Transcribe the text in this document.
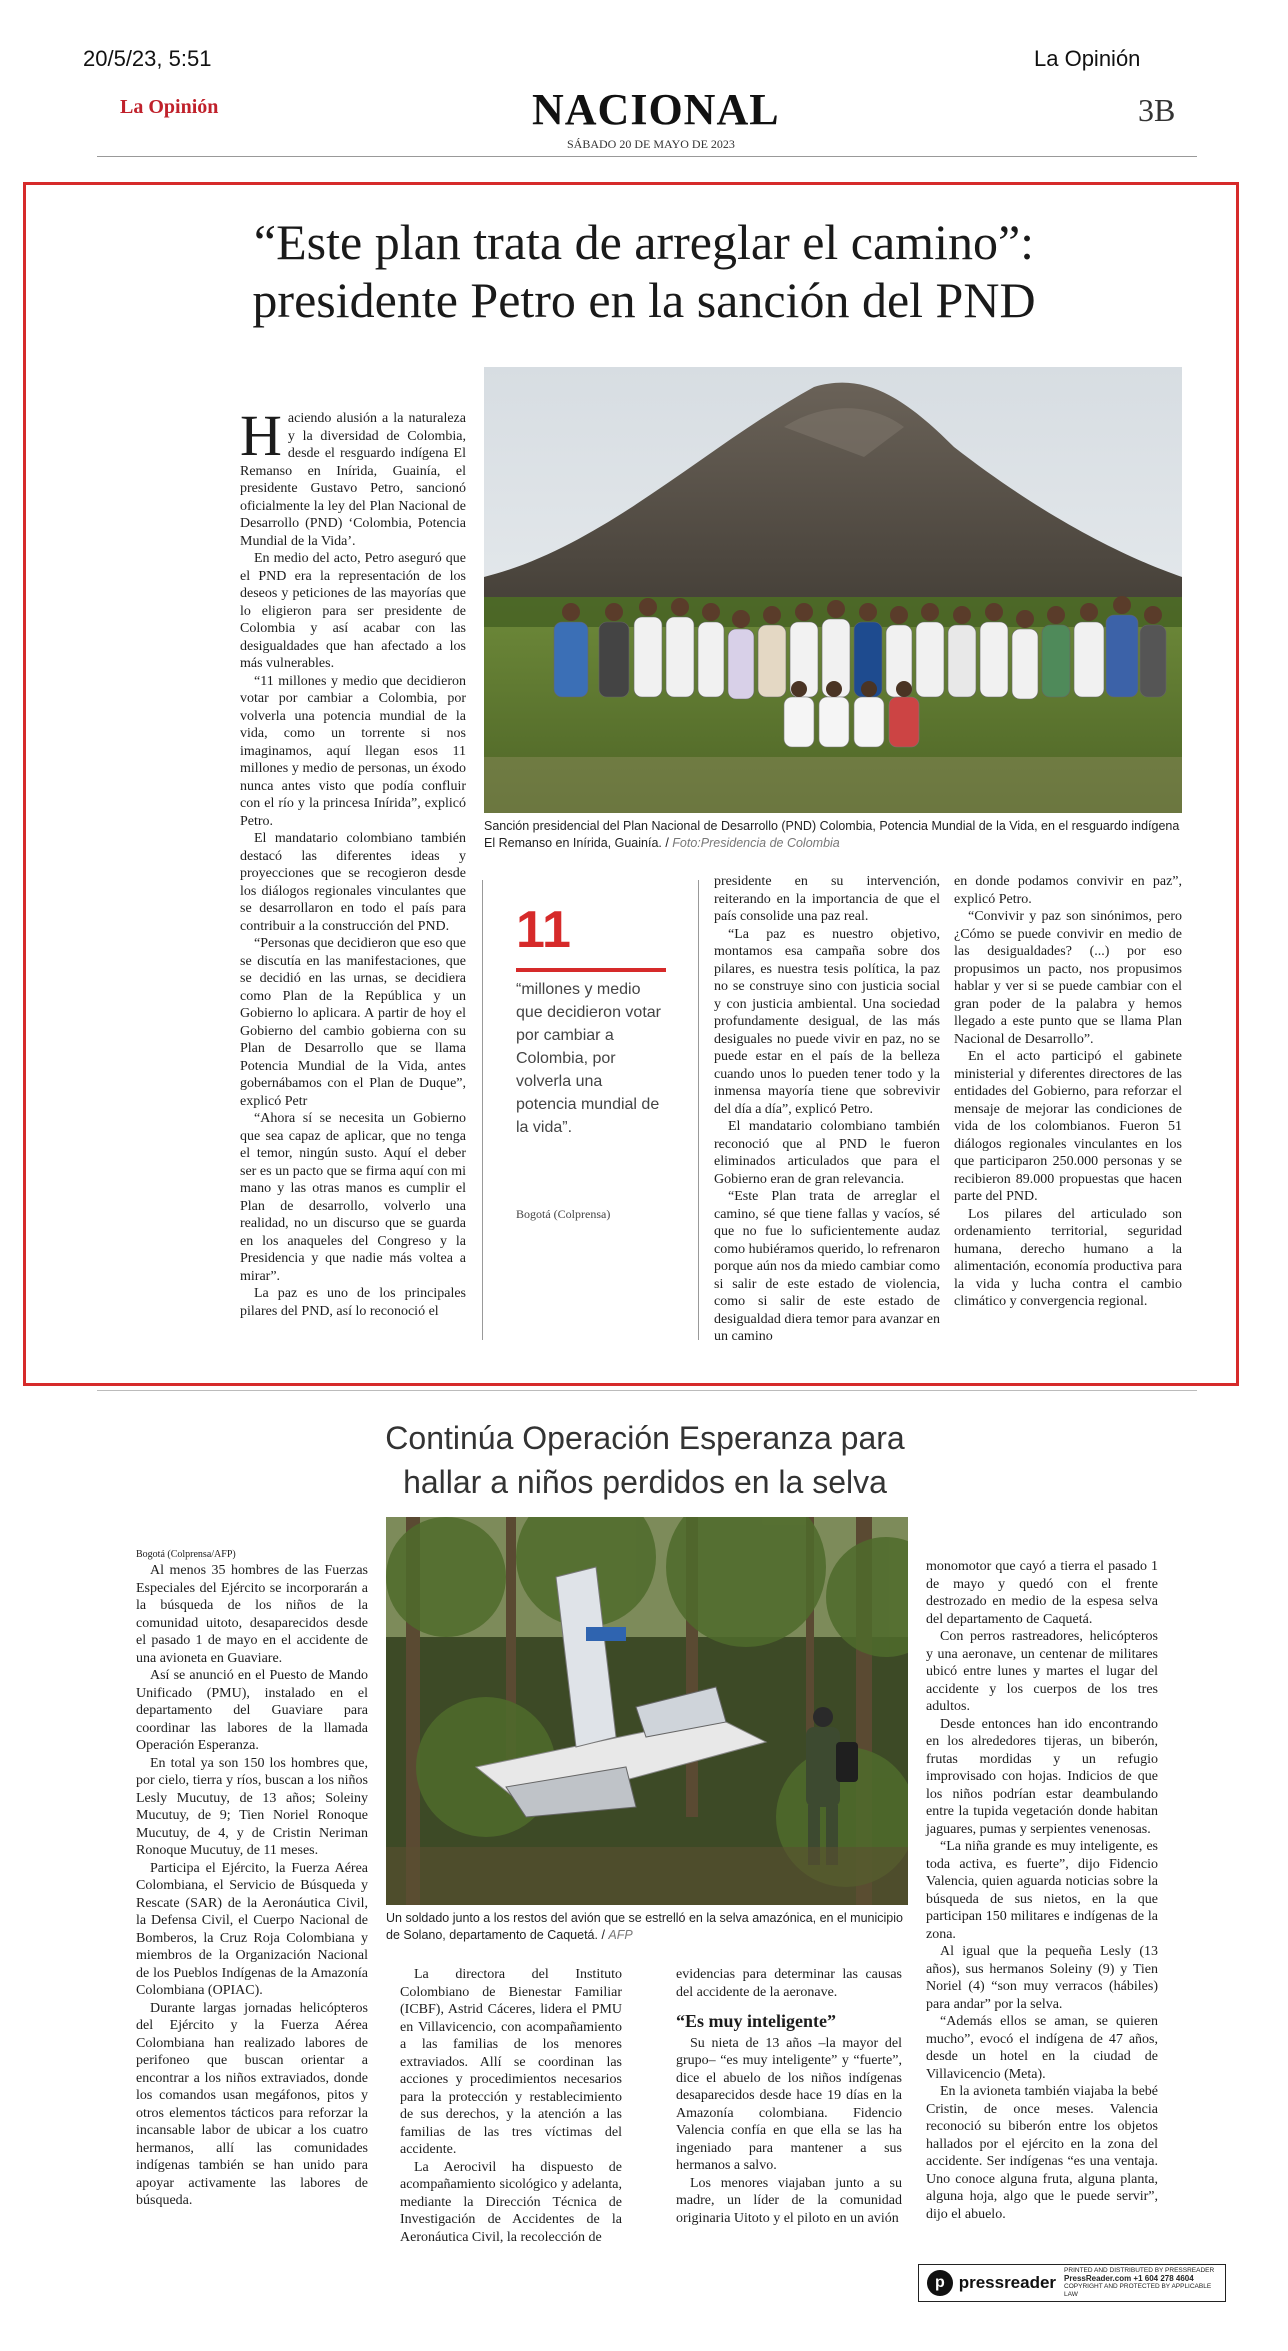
20/5/23, 5:51	La Opinión
La Opinión	NACIONAL
SÁBADO 20 DE MAYO DE 2023
3B
“Este plan trata de arreglar el camino”:
presidente Petro en la sanción del PND

Haciendo alusión a la naturaleza y la diversidad de Colombia, desde el resguardo indígena El Remanso en Inírida, Guainía, el presidente Gustavo Petro, sancionó oficialmente la ley del Plan Nacional de Desarrollo (PND) ‘Colombia, Potencia Mundial de la Vida’.

En medio del acto, Petro aseguró que el PND era la representación de los deseos y peticiones de las mayorías que lo eligieron para ser presidente de Colombia y así acabar con las desigualdades que han afectado a los más vulnerables.

“11 millones y medio que decidieron votar por cambiar a Colombia, por volverla una potencia mundial de la vida, como un torrente si nos imaginamos, aquí llegan esos 11 millones y medio de personas, un éxodo nunca antes visto que podía confluir con el río y la princesa Inírida”, explicó Petro.

El mandatario colombiano también destacó las diferentes ideas y proyecciones que se recogieron desde los diálogos regionales vinculantes que se desarrollaron en todo el país para contribuir a la construcción del PND.

“Personas que decidieron que eso que se discutía en las manifestaciones, que se decidió en las urnas, se decidiera como Plan de la República y un Gobierno lo aplicara. A partir de hoy el Gobierno del cambio gobierna con su Plan de Desarrollo que se llama Potencia Mundial de la Vida, antes gobernábamos con el Plan de Duque”, explicó Petr

“Ahora sí se necesita un Gobierno que sea capaz de aplicar, que no tenga el temor, ningún susto. Aquí el deber ser es un pacto que se firma aquí con mi mano y las otras manos es cumplir el Plan de desarrollo, volverlo una realidad, no un discurso que se guarda en los anaqueles del Congreso y la Presidencia y que nadie más voltea a mirar”.

La paz es uno de los principales pilares del PND, así lo reconoció el

Sanción presidencial del Plan Nacional de Desarrollo (PND) Colombia, Potencia Mundial de la Vida, en el resguardo indígena El Remanso en Inírida, Guainía. / Foto:Presidencia de Colombia
11
“millones y medio que decidieron votar por cambiar a Colombia, por volverla una potencia mundial de la vida”.
Bogotá (Colprensa)

presidente en su intervención, reiterando en la importancia de que el país consolide una paz real.

“La paz es nuestro objetivo, montamos esa campaña sobre dos pilares, es nuestra tesis política, la paz no se construye sino con justicia social y con justicia ambiental. Una sociedad profundamente desigual, de las más desiguales no puede vivir en paz, no se puede estar en el país de la belleza cuando unos lo pueden tener todo y la inmensa mayoría tiene que sobrevivir del día a día”, explicó Petro.

El mandatario colombiano también reconoció que al PND le fueron eliminados articulados que para el Gobierno eran de gran relevancia.

“Este Plan trata de arreglar el camino, sé que tiene fallas y vacíos, sé que no fue lo suficientemente audaz como hubiéramos querido, lo refrenaron porque aún nos da miedo cambiar como si salir de este estado de violencia, como si salir de este estado de desigualdad diera temor para avanzar en un camino

en donde podamos convivir en paz”, explicó Petro.

“Convivir y paz son sinónimos, pero ¿Cómo se puede convivir en medio de las desigualdades? (...) por eso propusimos un pacto, nos propusimos hablar y ver si se puede cambiar con el gran poder de la palabra y hemos llegado a este punto que se llama Plan Nacional de Desarrollo”.

En el acto participó el gabinete ministerial y diferentes directores de las entidades del Gobierno, para reforzar el mensaje de mejorar las condiciones de vida de los colombianos. Fueron 51 diálogos regionales vinculantes en los que participaron 250.000 personas y se recibieron 89.000 propuestas que hacen parte del PND.

Los pilares del articulado son ordenamiento territorial, seguridad humana, derecho humano a la alimentación, economía productiva para la vida y lucha contra el cambio climático y convergencia regional.

Continúa Operación Esperanza para
hallar a niños perdidos en la selva
Bogotá (Colprensa/AFP)

Al menos 35 hombres de las Fuerzas Especiales del Ejército se incorporarán a la búsqueda de los niños de la comunidad uitoto, desaparecidos desde el pasado 1 de mayo en el accidente de una avioneta en Guaviare.

Así se anunció en el Puesto de Mando Unificado (PMU), instalado en el departamento del Guaviare para coordinar las labores de la llamada Operación Esperanza.

En total ya son 150 los hombres que, por cielo, tierra y ríos, buscan a los niños Lesly Mucutuy, de 13 años; Soleiny Mucutuy, de 9; Tien Noriel Ronoque Mucutuy, de 4, y de Cristin Neriman Ronoque Mucutuy, de 11 meses.

Participa el Ejército, la Fuerza Aérea Colombiana, el Servicio de Búsqueda y Rescate (SAR) de la Aeronáutica Civil, la Defensa Civil, el Cuerpo Nacional de Bomberos, la Cruz Roja Colombiana y miembros de la Organización Nacional de los Pueblos Indígenas de la Amazonía Colombiana (OPIAC).

Durante largas jornadas helicópteros del Ejército y la Fuerza Aérea Colombiana han realizado labores de perifoneo que buscan orientar a encontrar a los niños extraviados, donde los comandos usan megáfonos, pitos y otros elementos tácticos para reforzar la incansable labor de ubicar a los cuatro hermanos, allí las comunidades indígenas también se han unido para apoyar activamente las labores de búsqueda.

Un soldado junto a los restos del avión que se estrelló en la selva amazónica, en el municipio de Solano, departamento de Caquetá. / AFP

La directora del Instituto Colombiano de Bienestar Familiar (ICBF), Astrid Cáceres, lidera el PMU en Villavicencio, con acompañamiento a las familias de los menores extraviados. Allí se coordinan las acciones y procedimientos necesarios para la protección y restablecimiento de sus derechos, y la atención a las familias de las tres víctimas del accidente.

La Aerocivil ha dispuesto de acompañamiento sicológico y adelanta, mediante la Dirección Técnica de Investigación de Accidentes de la Aeronáutica Civil, la recolección de

evidencias para determinar las causas del accidente de la aeronave.

“Es muy inteligente”

Su nieta de 13 años –la mayor del grupo– “es muy inteligente” y “fuerte”, dice el abuelo de los niños indígenas desaparecidos desde hace 19 días en la Amazonía colombiana. Fidencio Valencia confía en que ella se las ha ingeniado para mantener a sus hermanos a salvo.

Los menores viajaban junto a su madre, un líder de la comunidad originaria Uitoto y el piloto en un avión

monomotor que cayó a tierra el pasado 1 de mayo y quedó con el frente destrozado en medio de la espesa selva del departamento de Caquetá.

Con perros rastreadores, helicópteros y una aeronave, un centenar de militares ubicó entre lunes y martes el lugar del accidente y los cuerpos de los tres adultos.

Desde entonces han ido encontrando en los alrededores tijeras, un biberón, frutas mordidas y un refugio improvisado con hojas. Indicios de que los niños podrían estar deambulando entre la tupida vegetación donde habitan jaguares, pumas y serpientes venenosas.

“La niña grande es muy inteligente, es toda activa, es fuerte”, dijo Fidencio Valencia, quien aguarda noticias sobre la búsqueda de sus nietos, en la que participan 150 militares e indígenas de la zona.

Al igual que la pequeña Lesly (13 años), sus hermanos Soleiny (9) y Tien Noriel (4) “son muy verracos (hábiles) para andar” por la selva.

“Además ellos se aman, se quieren mucho”, evocó el indígena de 47 años, desde un hotel en la ciudad de Villavicencio (Meta).

En la avioneta también viajaba la bebé Cristin, de once meses. Valencia reconoció su biberón entre los objetos hallados por el ejército en la zona del accidente. Ser indígenas “es una ventaja. Uno conoce alguna fruta, alguna planta, alguna hoja, algo que le puede servir”, dijo el abuelo.

p pressreader
PRINTED AND DISTRIBUTED BY PRESSREADER
PressReader.com +1 604 278 4604
COPYRIGHT AND PROTECTED BY APPLICABLE LAW
